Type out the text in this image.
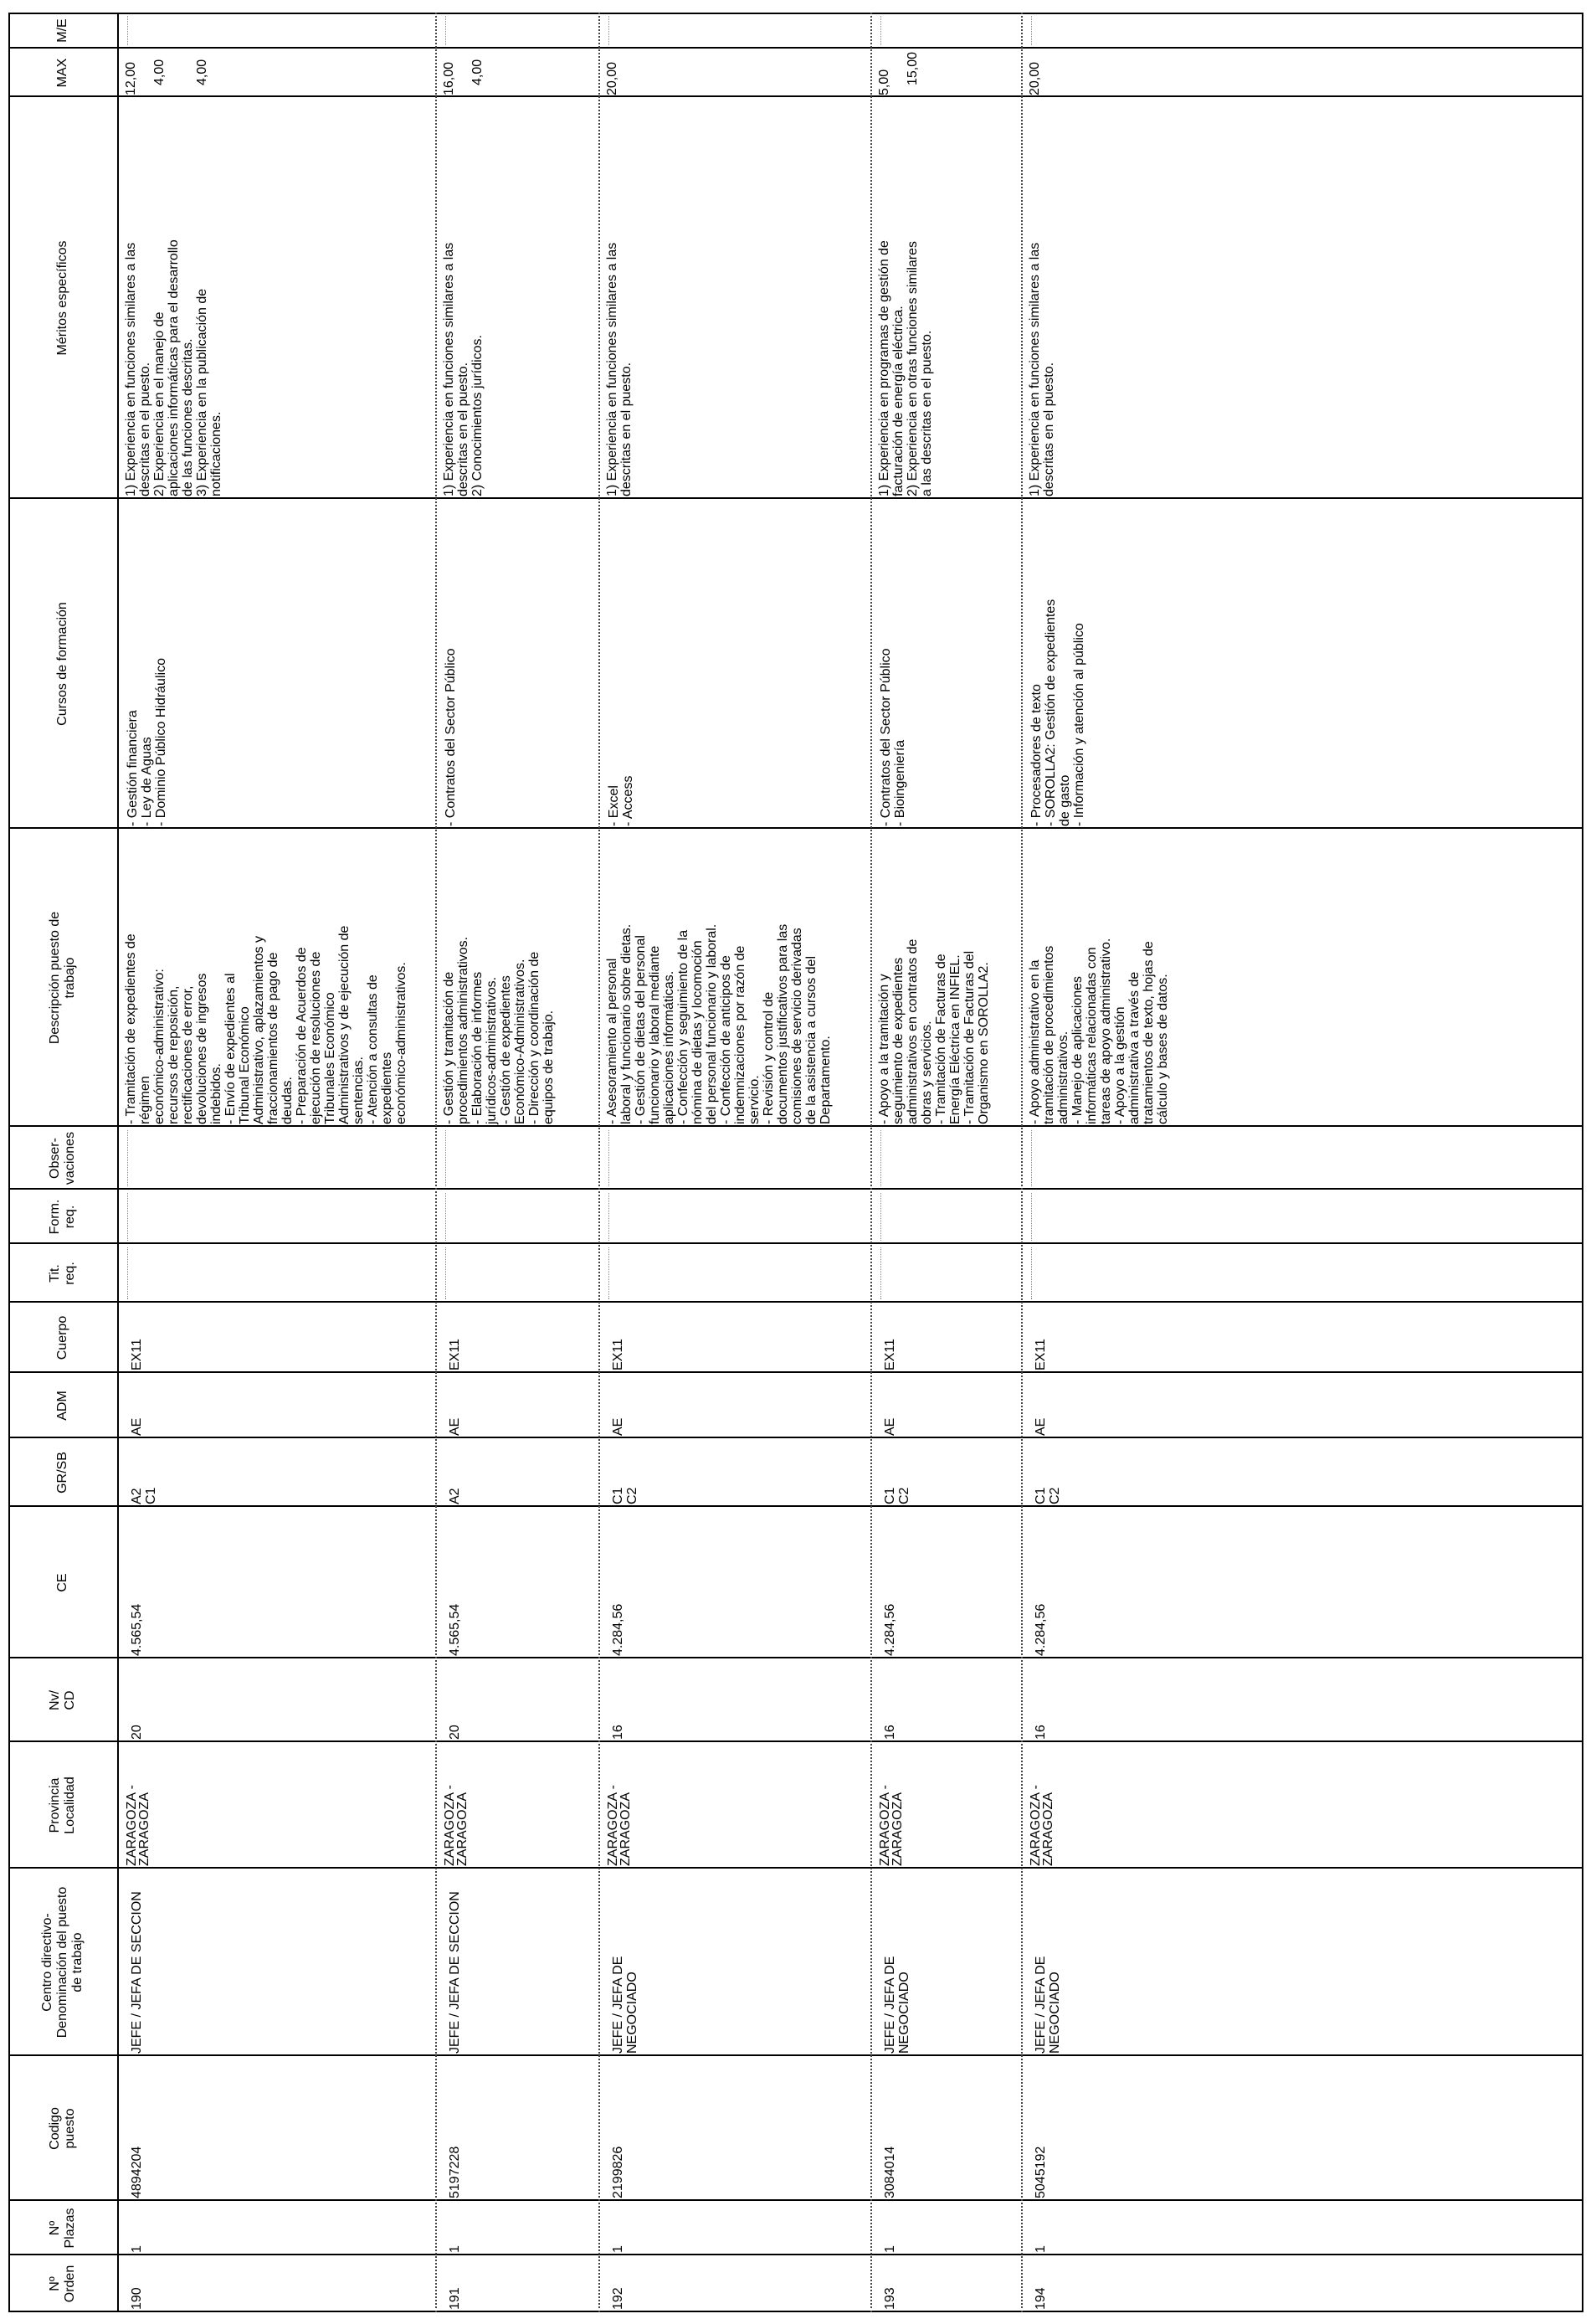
Nº
Orden
Nº
Plazas
Codigo
puesto
Centro directivo-
Denominación del puesto
de trabajo
Provincia
Localidad
Nv/
CD
CE
GR/SB
ADM
Cuerpo
Tit.
req.
Form.
req.
Obser-
vaciones
Descripción puesto de
trabajo
Cursos de formación
Méritos específicos
MAX
M/E
190
1
4894204
JEFE / JEFA DE SECCION
ZARAGOZA -
ZARAGOZA
20
4.565,54
A2
C1
AE
EX11
- Tramitación de expedientes de
régimen
económico-administrativo:
recursos de reposición,
rectificaciones de error,
devoluciones de ingresos
indebidos.
- Envío de expedientes al
Tribunal Económico
Administrativo, aplazamientos y
fraccionamientos de pago de
deudas.
- Preparación de Acuerdos de
ejecución de resoluciones de
Tribunales Económico
Administrativos y de ejecución de
sentencias.
- Atención a consultas de
expedientes
económico-administrativos.
- Gestión financiera
- Ley de Aguas
- Dominio Público Hidráulico
1) Experiencia en funciones similares a las
descritas en el puesto.
2) Experiencia en el manejo de
aplicaciones informáticas para el desarrollo
de las funciones descritas.
3) Experiencia en la publicación de
notificaciones.
12,00 4,00 4,00
191
1
5197228
JEFE / JEFA DE SECCION
ZARAGOZA -
ZARAGOZA
20
4.565,54
A2
AE
EX11
- Gestión y tramitación de
procedimientos administrativos.
- Elaboración de informes
jurídicos-administrativos.
- Gestión de expedientes
Económico-Administrativos.
- Dirección y coordinación de
equipos de trabajo.
- Contratos del Sector Público
1) Experiencia en funciones similares a las
descritas en el puesto.
2) Conocimientos jurídicos.
16,00 4,00
192
1
2199826
JEFE / JEFA DE NEGOCIADO
ZARAGOZA -
ZARAGOZA
16
4.284,56
C1
C2
AE
EX11
- Asesoramiento al personal
laboral y funcionario sobre dietas.
- Gestión de dietas del personal
funcionario y laboral mediante
aplicaciones informáticas.
- Confección y seguimiento de la
nómina de dietas y locomoción
del personal funcionario y laboral.
- Confección de anticipos de
indemnizaciones por razón de
servicio.
- Revisión y control de
documentos justificativos para las
comisiones de servicio derivadas
de la asistencia a cursos del
Departamento.
- Excel
- Access
1) Experiencia en funciones similares a las
descritas en el puesto.
20,00
193
1
3084014
JEFE / JEFA DE NEGOCIADO
ZARAGOZA -
ZARAGOZA
16
4.284,56
C1
C2
AE
EX11
- Apoyo a la tramitación y
seguimiento de expedientes
administrativos en contratos de
obras y servicios.
- Tramitación de Facturas de
Energía Eléctrica en INFIEL.
- Tramitación de Facturas del
Organismo en SOROLLA2.
- Contratos del Sector Público
- Bioingeniería
1) Experiencia en programas de gestión de
facturación de energía eléctrica.
2) Experiencia en otras funciones similares
a las descritas en el puesto.
5,00 15,00
194
1
5045192
JEFE / JEFA DE NEGOCIADO
ZARAGOZA -
ZARAGOZA
16
4.284,56
C1
C2
AE
EX11
- Apoyo administrativo en la
tramitación de procedimientos
administrativos.
- Manejo de aplicaciones
informáticas relacionadas con
tareas de apoyo administrativo.
- Apoyo a la gestión
administrativa a través de
tratamientos de texto, hojas de
cálculo y bases de datos.
- Procesadores de texto
- SOROLLA2: Gestión de expedientes
de gasto
- Información y atención al público
1) Experiencia en funciones similares a las
descritas en el puesto.
20,00
